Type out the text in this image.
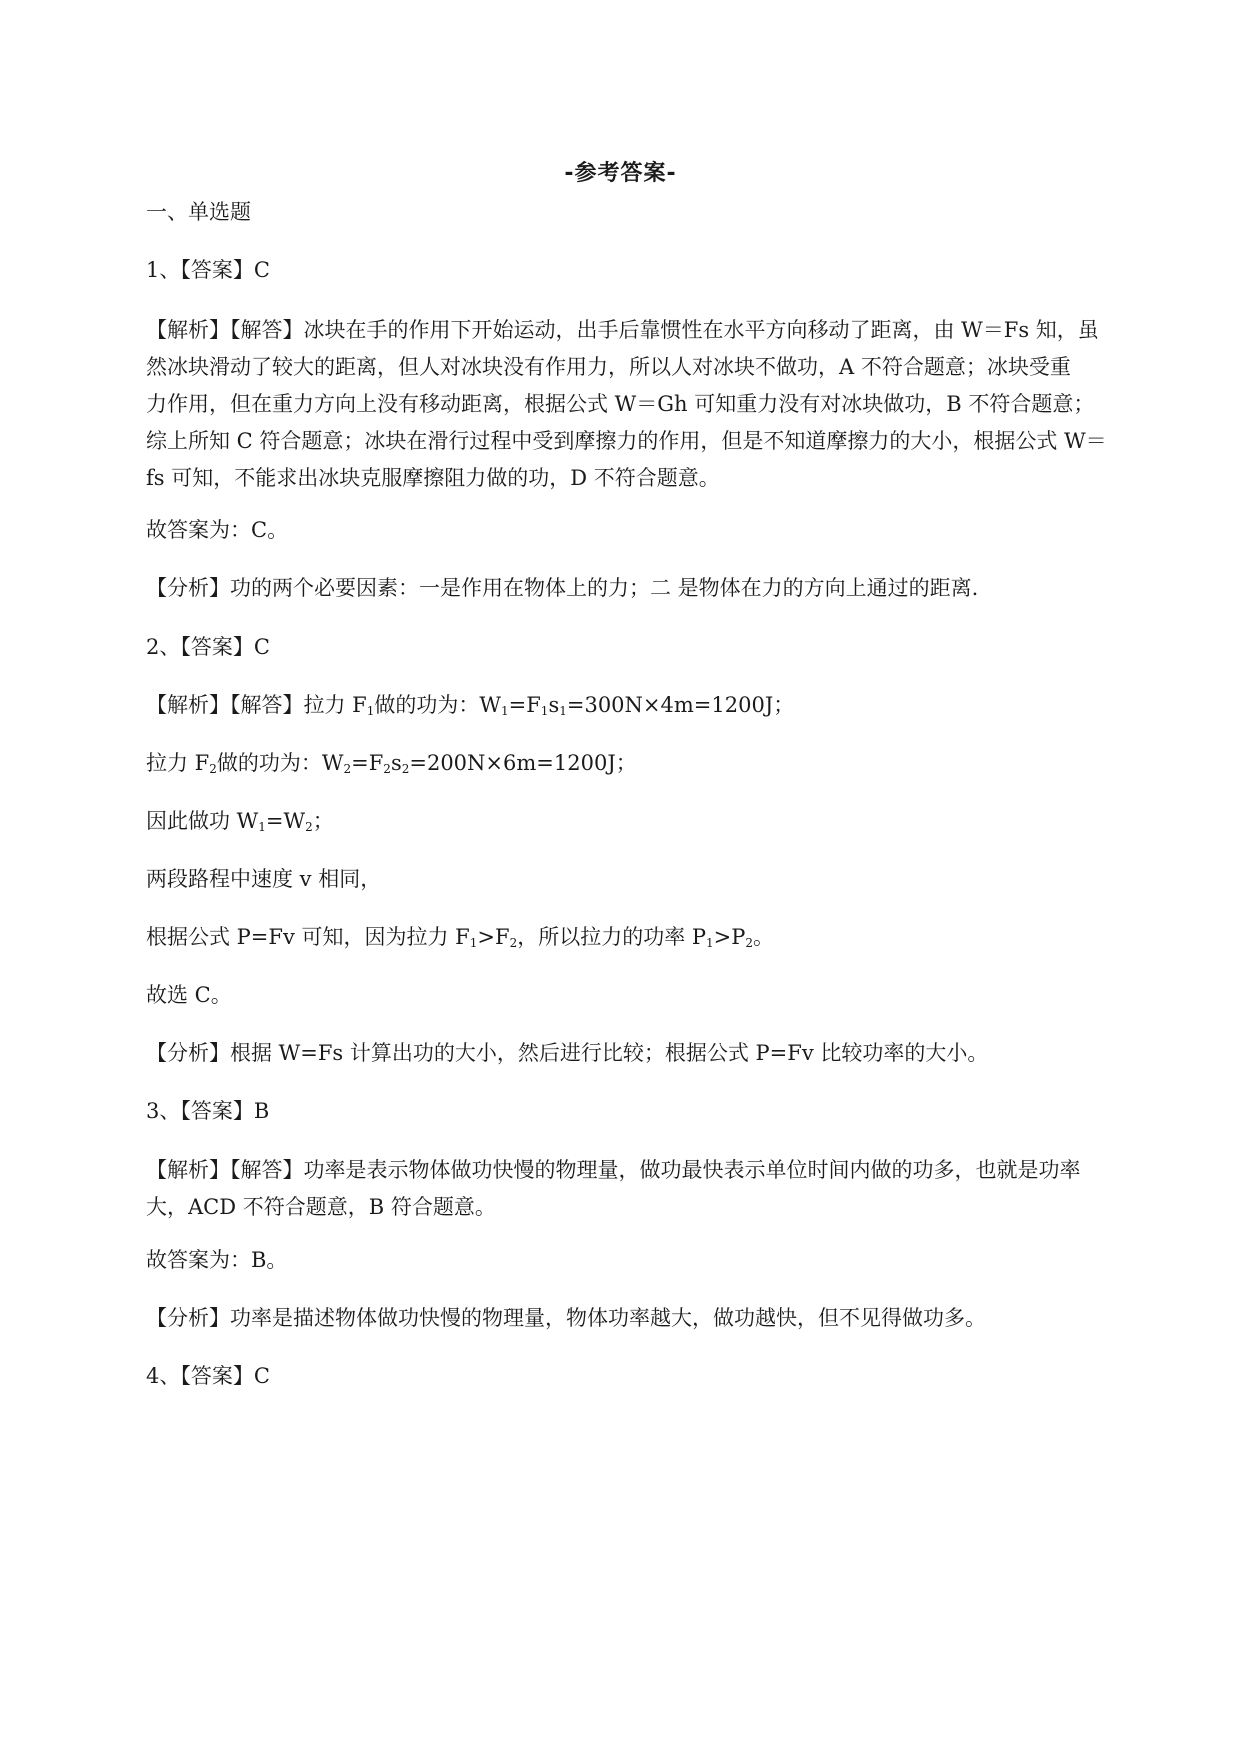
-参考答案-
一、单选题
1、【答案】C
【解析】【解答】冰块在手的作用下开始运动，出手后靠惯性在水平方向移动了距离，由 W＝Fs 知，虽
然冰块滑动了较大的距离，但人对冰块没有作用力，所以人对冰块不做功，A 不符合题意；冰块受重
力作用，但在重力方向上没有移动距离，根据公式 W＝Gh 可知重力没有对冰块做功，B 不符合题意；
综上所知 C 符合题意；冰块在滑行过程中受到摩擦力的作用，但是不知道摩擦力的大小，根据公式 W＝
fs 可知，不能求出冰块克服摩擦阻力做的功，D 不符合题意。
故答案为：C。
【分析】功的两个必要因素：一是作用在物体上的力；二 是物体在力的方向上通过的距离.
2、【答案】C
【解析】【解答】拉力 $F_1$做的功为：$W_1=F_1s_1=300N\times 4m=1200J$；
拉力 $F_2$做的功为：$W_2=F_2s_2=200N\times 6m=1200J$；
因此做功 $W_1=W_2$；
两段路程中速度 v 相同，
根据公式 P=Fv 可知，因为拉力 $F_1>F_2$，所以拉力的功率 $P_1>P_2$。
故选 C。
【分析】根据 W=Fs 计算出功的大小，然后进行比较；根据公式 P=Fv 比较功率的大小。
3、【答案】B
【解析】【解答】功率是表示物体做功快慢的物理量，做功最快表示单位时间内做的功多，也就是功率
大，ACD 不符合题意，B 符合题意。
故答案为：B。
【分析】功率是描述物体做功快慢的物理量，物体功率越大，做功越快，但不见得做功多。
4、【答案】C
